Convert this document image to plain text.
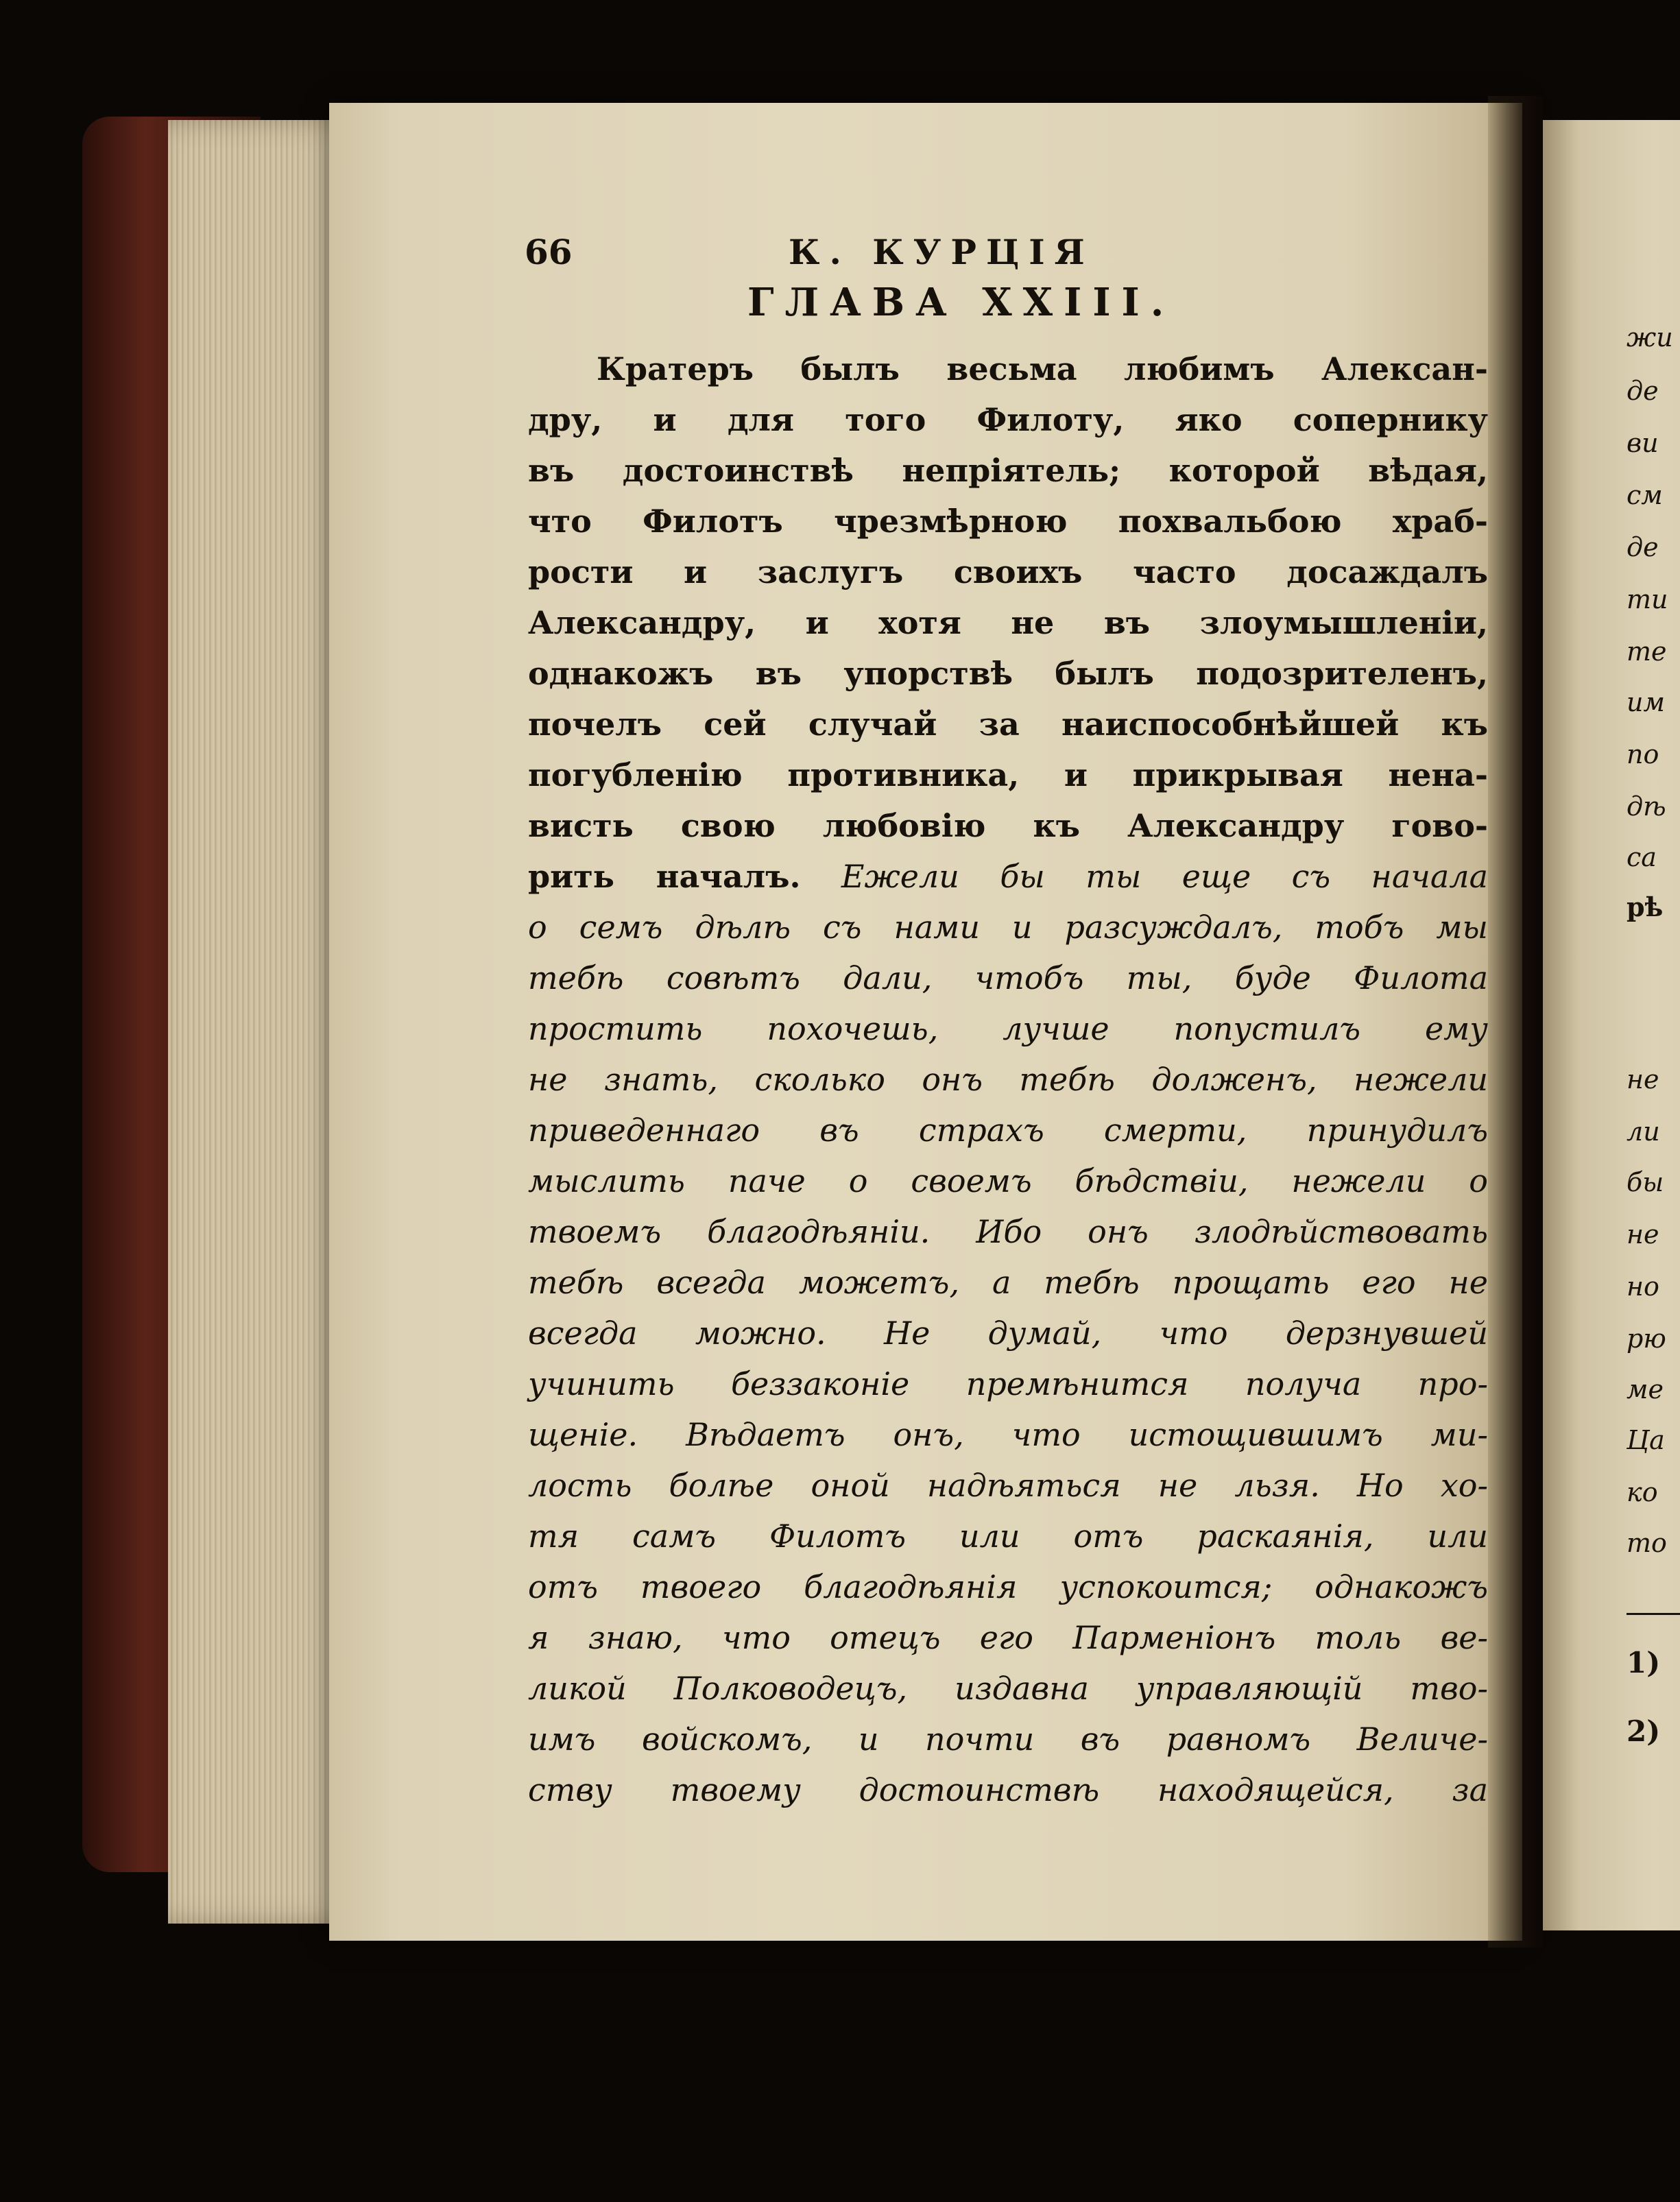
66	К. КУРЦІЯ
ГЛАВА XXIII.
Кратеръ былъ весьма любимъ Алексан-
дру, и для того Филоту, яко сопернику
въ достоинствѣ непріятель; которой вѣдая,
что Филотъ чрезмѣрною похвальбою храб-
рости и заслугъ своихъ часто досаждалъ
Александру, и хотя не въ злоумышленіи,
однакожъ въ упорствѣ былъ подозрителенъ,
почелъ сей случай за наиспособнѣйшей къ
погубленію противника, и прикрывая нена-
висть свою любовію къ Александру гово-
рить началъ. Ежели бы ты еще съ начала
о семъ дѣлѣ съ нами и разсуждалъ, тобъ мы
тебѣ совѣтъ дали, чтобъ ты, буде Филота
простить похочешь, лучше попустилъ ему
не знать, сколько онъ тебѣ долженъ, нежели
приведеннаго въ страхъ смерти, принудилъ
мыслить паче о своемъ бѣдствіи, нежели о
твоемъ благодѣяніи. Ибо онъ злодѣйствовать
тебѣ всегда можетъ, а тебѣ прощать его не
всегда можно. Не думай, что дерзнувшей
учинить беззаконіе премѣнится получа про-
щеніе. Вѣдаетъ онъ, что истощившимъ ми-
лость болѣе оной надѣяться не льзя. Но хо-
тя самъ Филотъ или отъ раскаянія, или
отъ твоего благодѣянія успокоится; однакожъ
я знаю, что отецъ его Парменіонъ толь ве-
ликой Полководецъ, издавна управляющій тво-
имъ войскомъ, и почти въ равномъ Величе-
ству твоему достоинствѣ находящейся, за
жи
де
ви
см
де
ти
те
им
по
дѣ
са
рѣ
не
ли
бы
не
но
рю
ме
Ца
ко
то
1)
2)
